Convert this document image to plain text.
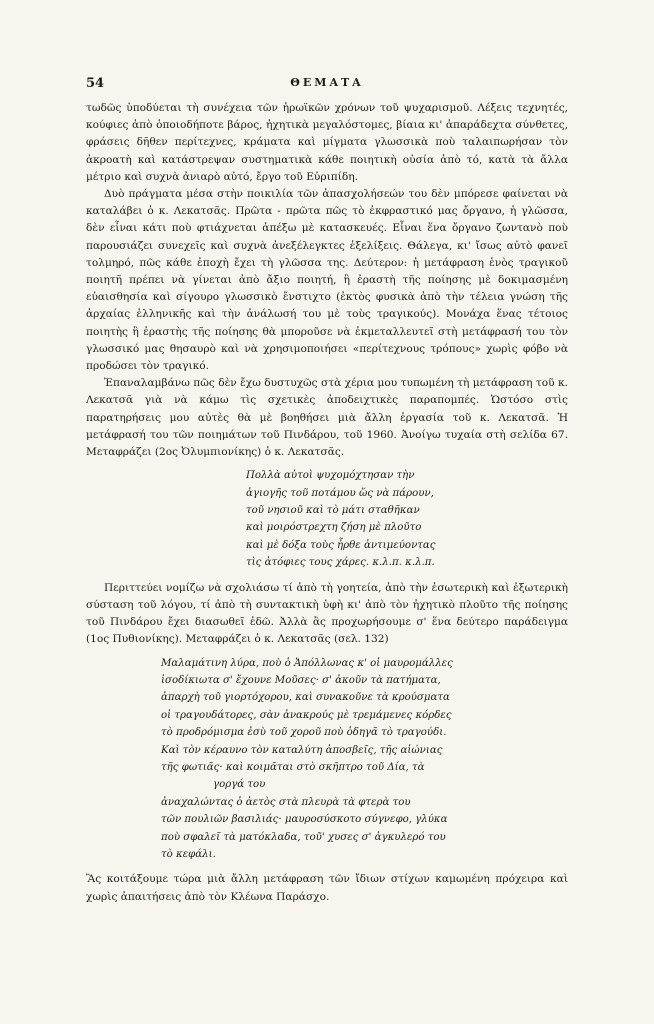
54	ΘΕΜΑΤΑ

τωδῶς ὑποδύεται τὴ συνέχεια τῶν ἡρωϊκῶν χρόνων τοῦ ψυχαρισμοῦ. Λέξεις τεχνητές, κούφιες ἀπὸ ὁποιοδήποτε βάρος, ἠχητικὰ μεγαλόστομες, βίαια κι' ἀπαράδεχτα σύνθετες, φράσεις δῆθεν περίτεχνες, κράματα καὶ μίγματα γλωσσικὰ ποὺ ταλαιπωρήσαν τὸν ἀκροατὴ καὶ κατάστρεψαν συστηματικὰ κάθε ποιητικὴ οὐσία ἀπὸ τό, κατὰ τὰ ἄλλα μέτριο καὶ συχνὰ ἀνιαρὸ αὐτό, ἔργο τοῦ Εὐριπίδη.

Δυὸ πράγματα μέσα στὴν ποικιλία τῶν ἀπασχολήσεών του δὲν μπόρεσε φαίνεται νὰ καταλάβει ὁ κ. Λεκατσᾶς. Πρῶτα - πρῶτα πῶς τὸ ἐκφραστικό μας ὄργανο, ἡ γλῶσσα, δὲν εἶναι κάτι ποὺ φτιάχνεται ἀπέξω μὲ κατασκευές. Εἶναι ἕνα ὄργανο ζωντανὸ ποὺ παρουσιάζει συνεχεῖς καὶ συχνὰ ἀνεξέλεγκτες ἐξελίξεις. Θάλεγα, κι' ἴσως αὐτὸ φανεῖ τολμηρό, πῶς κάθε ἐποχὴ ἔχει τὴ γλῶσσα της. Δεύτερον: ἡ μετάφραση ἑνὸς τραγικοῦ ποιητῆ πρέπει νὰ γίνεται ἀπὸ ἄξιο ποιητή, ἢ ἐραστὴ τῆς ποίησης μὲ δοκιμασμένη εὐαισθησία καὶ σίγουρο γλωσσικὸ ἔνστιχτο (ἐκτὸς φυσικὰ ἀπὸ τὴν τέλεια γνώση τῆς ἀρχαίας ἑλληνικῆς καὶ τὴν ἀνάλωσή του μὲ τοὺς τραγικούς). Μονάχα ἕνας τέτοιος ποιητὴς ἢ ἐραστὴς τῆς ποίησης θὰ μποροῦσε νὰ ἐκμεταλλευτεῖ στὴ μετάφρασή του τὸν γλωσσικό μας θησαυρὸ καὶ νὰ χρησιμοποιήσει «περίτεχνους τρόπους» χωρὶς φόβο νὰ προδώσει τὸν τραγικό.

Ἐπαναλαμβάνω πῶς δὲν ἔχω δυστυχῶς στὰ χέρια μου τυπωμένη τὴ μετάφραση τοῦ κ. Λεκατσᾶ γιὰ νὰ κάμω τὶς σχετικὲς ἀποδειχτικὲς παραπομπές. Ὡστόσο στὶς παρατηρήσεις μου αὐτὲς θὰ μὲ βοηθήσει μιὰ ἄλλη ἐργασία τοῦ κ. Λεκατσᾶ. Ἡ μετάφρασή του τῶν ποιημάτων τοῦ Πινδάρου, τοῦ 1960. Ἀνοίγω τυχαία στὴ σελίδα 67. Μεταφράζει (2ος Ὀλυμπιονίκης) ὁ κ. Λεκατσᾶς.

Πολλὰ αὐτοὶ ψυχομόχτησαν τὴν

ἁγιογῆς τοῦ ποτάμου ὥς νὰ πάρουν,

τοῦ νησιοῦ καὶ τὸ μάτι σταθῆκαν

καὶ μοιρόστρεχτη ζήση μὲ πλοῦτο

καὶ μὲ δόξα τοὺς ἦρθε ἀντιμεύοντας

τὶς ἀτόφιες τους χάρες. κ.λ.π. κ.λ.π.

Περιττεύει νομίζω νὰ σχολιάσω τί ἀπὸ τὴ γοητεία, ἀπὸ τὴν ἐσωτερικὴ καὶ ἐξωτερικὴ σύσταση τοῦ λόγου, τί ἀπὸ τὴ συντακτικὴ ὑφὴ κι' ἀπὸ τὸν ἠχητικὸ πλοῦτο τῆς ποίησης τοῦ Πινδάρου ἔχει διασωθεῖ ἐδῶ. Ἀλλὰ ἂς προχωρήσουμε σ' ἕνα δεύτερο παράδειγμα (1ος Πυθιονίκης). Μεταφράζει ὁ κ. Λεκατσᾶς (σελ. 132)

Μαλαμάτινη λύρα, ποὺ ὁ Ἀπόλλωνας κ' οἱ μαυρομάλλες

ἰσοδίκιωτα σ' ἔχουνε Μοῦσες· σ' ἀκοῦν τὰ πατήματα,

ἀπαρχὴ τοῦ γιορτόχορου, καὶ συνακοῦνε τὰ κρούσματα

οἱ τραγουδάτορες, σὰν ἀνακρούς μὲ τρεμάμενες κόρδες

τὸ προδρόμισμα ἐσὺ τοῦ χοροῦ ποὺ ὁδηγᾶ τὸ τραγούδι.

Καὶ τὸν κέραυνο τὸν καταλύτη ἀποσβεῖς, τῆς αἰώνιας

τῆς φωτιᾶς· καὶ κοιμᾶται στὸ σκῆπτρο τοῦ Δία, τὰ

γοργά του

ἀναχαλώντας ὁ ἀετὸς στὰ πλευρὰ τὰ φτερὰ του

τῶν πουλιῶν βασιλιάς· μαυροσύσκοτο σύγνεφο, γλύκα

ποὺ σφαλεῖ τὰ ματόκλαδα, τοῦ' χυσες σ' ἀγκυλερό του

τὸ κεφάλι.

Ἂς κοιτάξουμε τώρα μιὰ ἄλλη μετάφραση τῶν ἴδιων στίχων καμωμένη πρόχειρα καὶ χωρὶς ἀπαιτήσεις ἀπὸ τὸν Κλέωνα Παράσχο.
